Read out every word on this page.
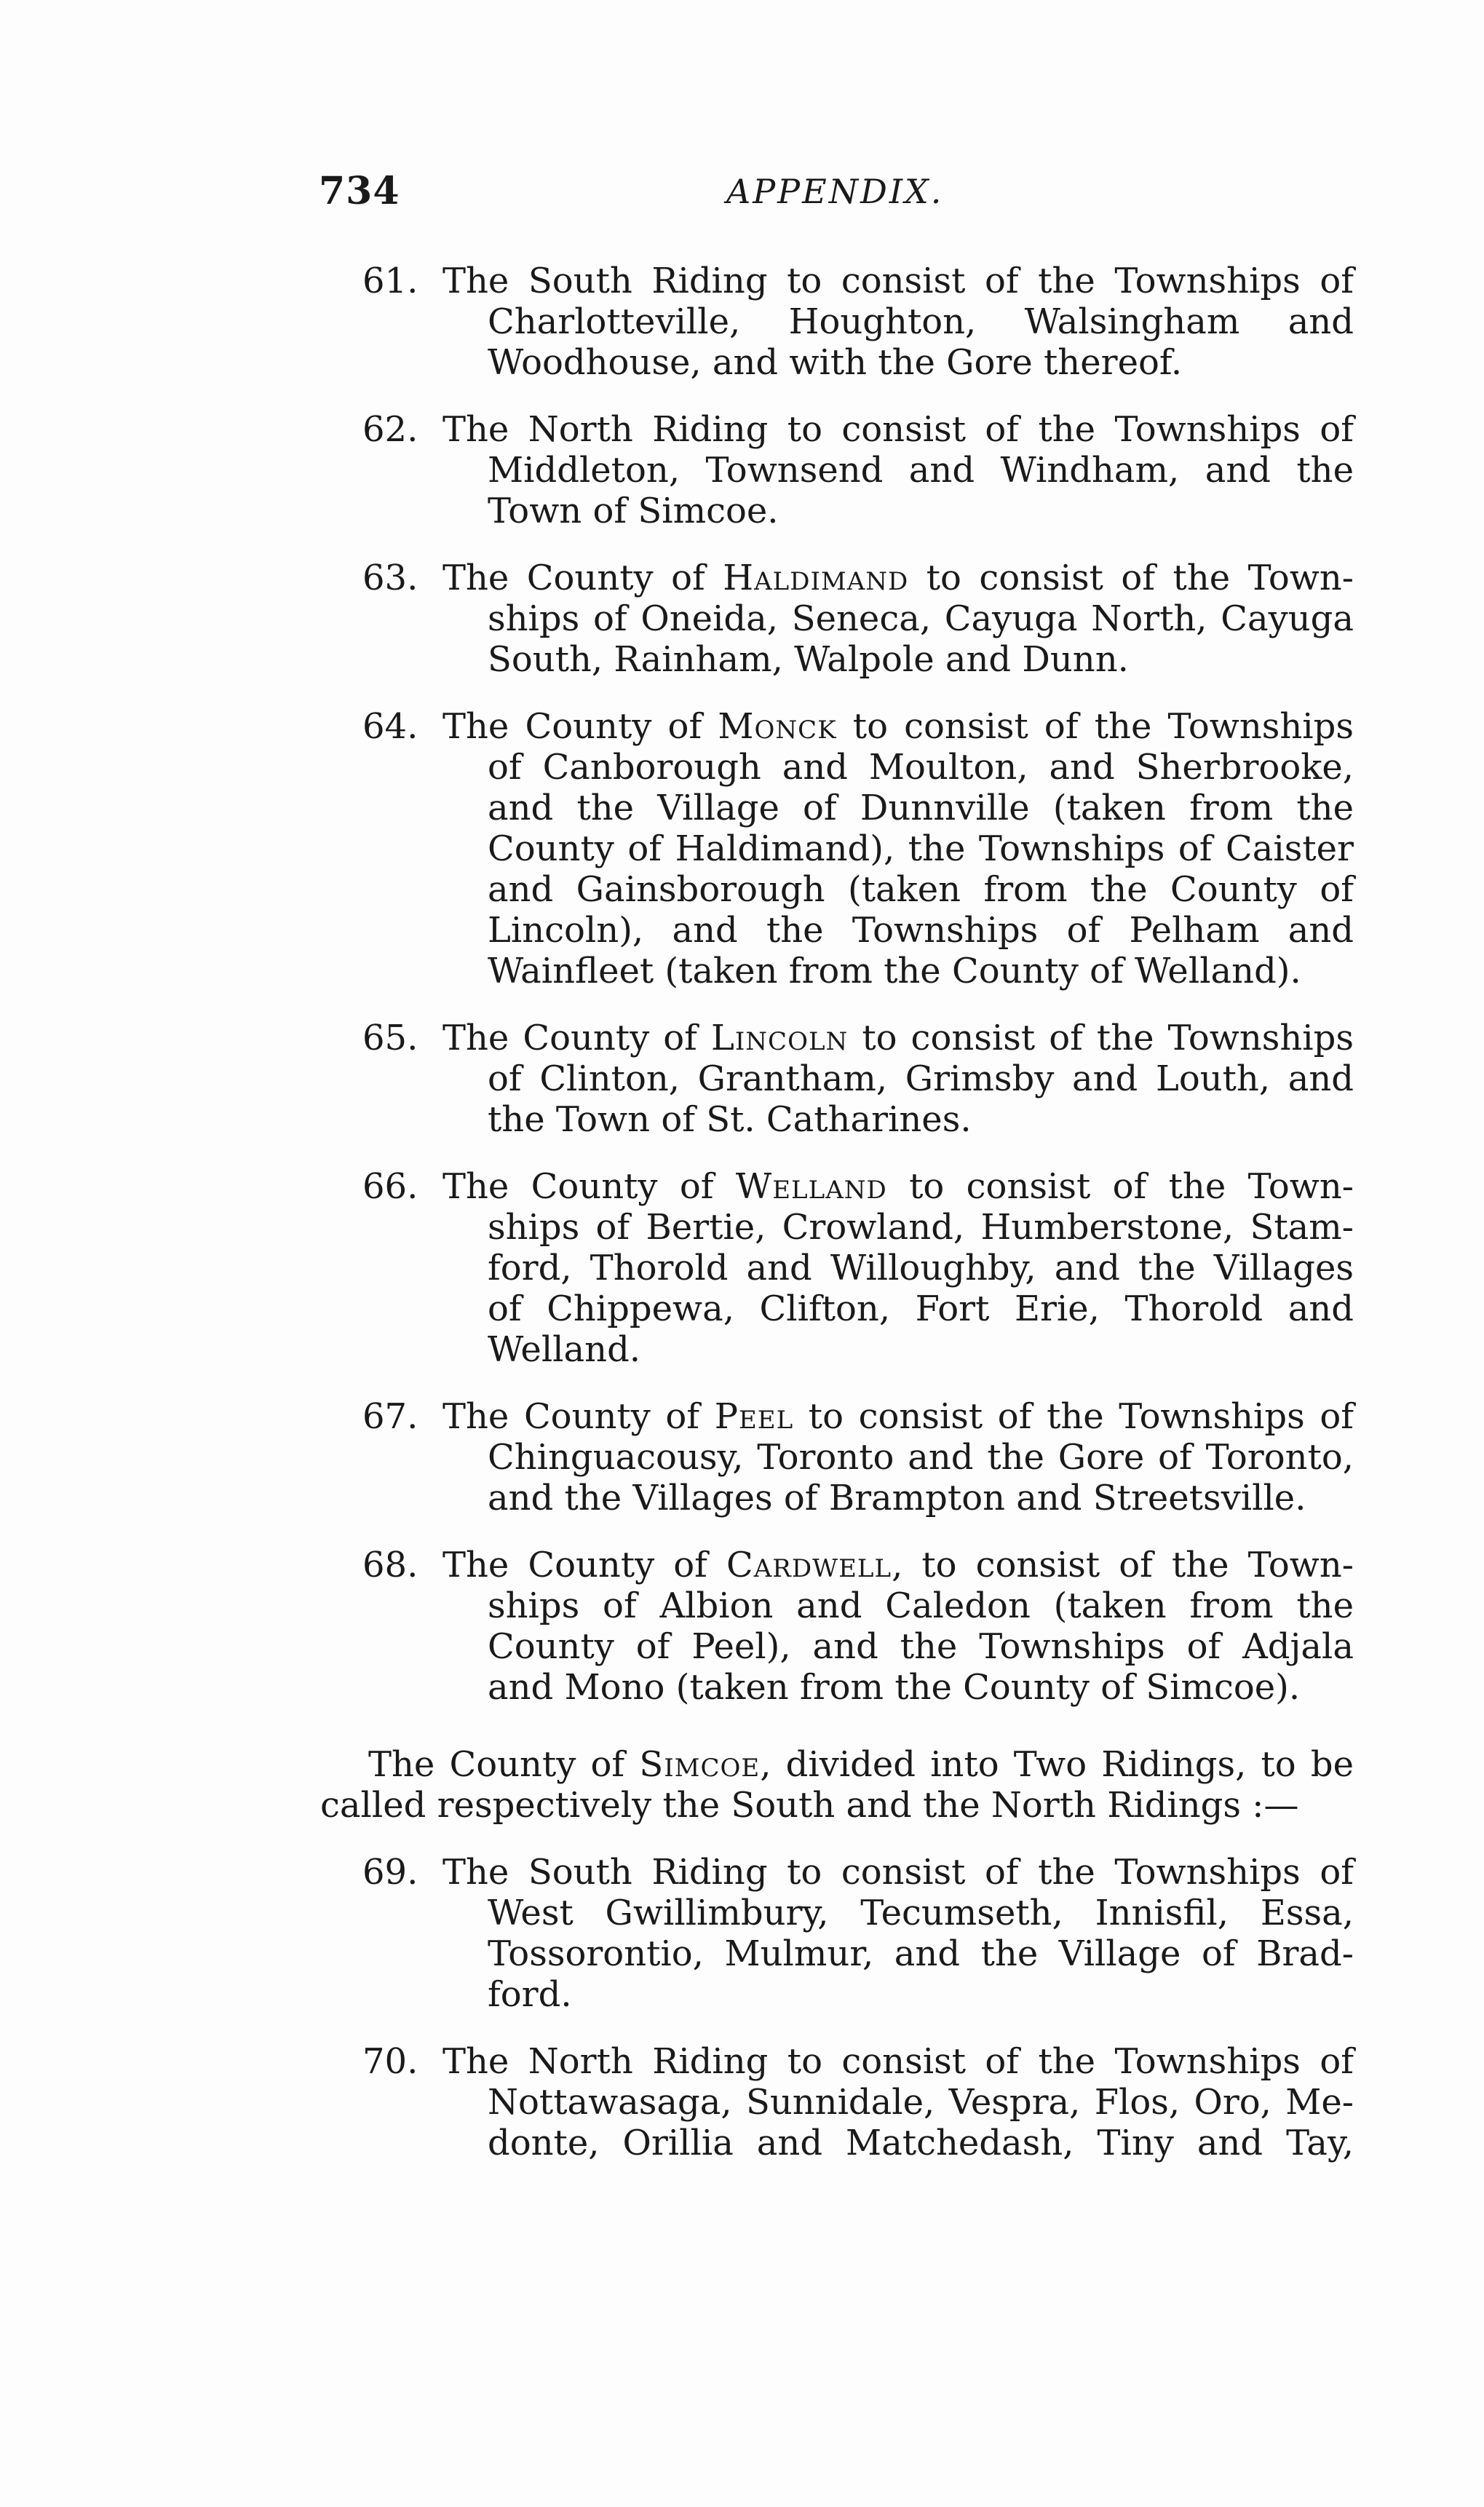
734	APPENDIX.
61. The South Riding to consist of the Townships of
Charlotteville, Houghton, Walsingham and
Woodhouse, and with the Gore thereof.
62. The North Riding to consist of the Townships of
Middleton, Townsend and Windham, and the
Town of Simcoe.
63. The County of Haldimand to consist of the Town-
ships of Oneida, Seneca, Cayuga North, Cayuga
South, Rainham, Walpole and Dunn.
64. The County of Monck to consist of the Townships
of Canborough and Moulton, and Sherbrooke,
and the Village of Dunnville (taken from the
County of Haldimand), the Townships of Caister
and Gainsborough (taken from the County of
Lincoln), and the Townships of Pelham and
Wainfleet (taken from the County of Welland).
65. The County of Lincoln to consist of the Townships
of Clinton, Grantham, Grimsby and Louth, and
the Town of St. Catharines.
66. The County of Welland to consist of the Town-
ships of Bertie, Crowland, Humberstone, Stam-
ford, Thorold and Willoughby, and the Villages
of Chippewa, Clifton, Fort Erie, Thorold and
Welland.
67. The County of Peel to consist of the Townships of
Chinguacousy, Toronto and the Gore of Toronto,
and the Villages of Brampton and Streetsville.
68. The County of Cardwell, to consist of the Town-
ships of Albion and Caledon (taken from the
County of Peel), and the Townships of Adjala
and Mono (taken from the County of Simcoe).
The County of Simcoe, divided into Two Ridings, to be
called respectively the South and the North Ridings :—
69. The South Riding to consist of the Townships of
West Gwillimbury, Tecumseth, Innisfil, Essa,
Tossorontio, Mulmur, and the Village of Brad-
ford.
70. The North Riding to consist of the Townships of
Nottawasaga, Sunnidale, Vespra, Flos, Oro, Me-
donte, Orillia and Matchedash, Tiny and Tay,
